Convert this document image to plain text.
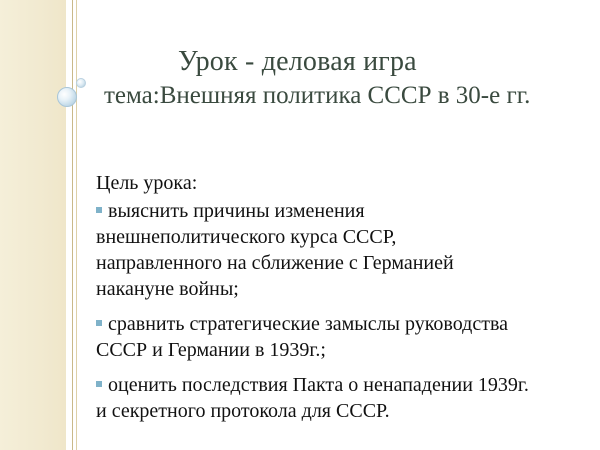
Урок - деловая игра
тема:Внешняя политика СССР в 30-е гг.
Цель урока:
выяснить причины изменения
внешнеполитического курса СССР,
направленного на сближение с Германией
накануне войны;
сравнить стратегические замыслы руководства
СССР и Германии в 1939г.;
оценить последствия Пакта о ненападении 1939г.
и секретного протокола для СССР.
